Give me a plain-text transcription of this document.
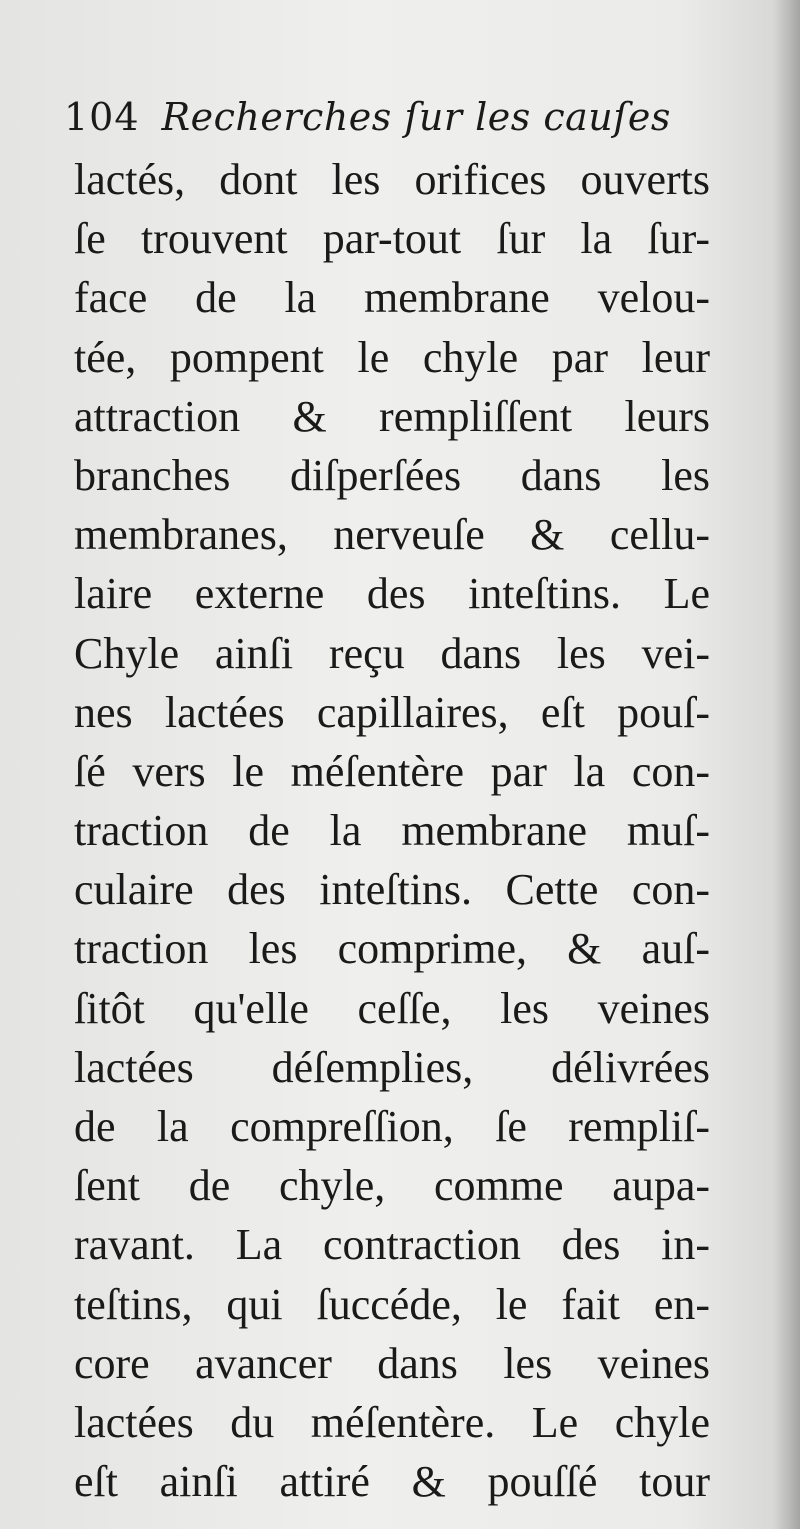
104 Recherches ſur les cauſes
lactés, dont les orifices ouverts
ſe trouvent par-tout ſur la ſur-
face de la membrane velou-
tée, pompent le chyle par leur
attraction & rempliſſent leurs
branches diſperſées dans les
membranes, nerveuſe & cellu-
laire externe des inteſtins. Le
Chyle ainſi reçu dans les vei-
nes lactées capillaires, eſt pouſ-
ſé vers le méſentère par la con-
traction de la membrane muſ-
culaire des inteſtins. Cette con-
traction les comprime, & auſ-
ſitôt qu'elle ceſſe, les veines
lactées déſemplies, délivrées
de la compreſſion, ſe rempliſ-
ſent de chyle, comme aupa-
ravant. La contraction des in-
teſtins, qui ſuccéde, le fait en-
core avancer dans les veines
lactées du méſentère. Le chyle
eſt ainſi attiré & pouſſé tour
